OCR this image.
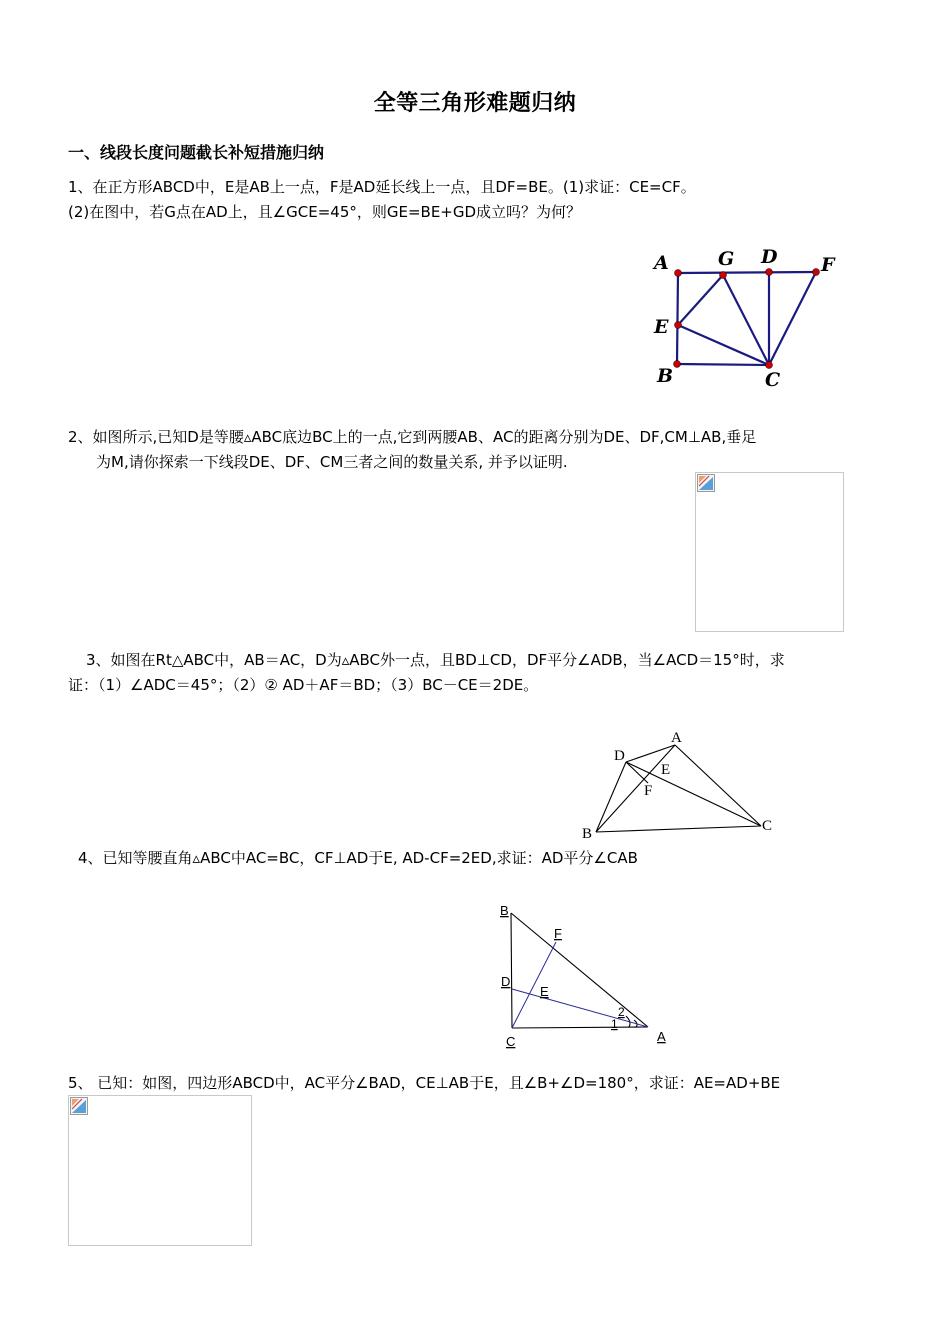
全等三角形难题归纳
一、线段长度问题截长补短措施归纳
1、在正方形ABCD中，E是AB上一点，F是AD延长线上一点，且DF=BE。(1)求证：CE=CF。
(2)在图中，若G点在AD上，且∠GCE=45°，则GE=BE+GD成立吗？为何？
A	G D F
E
B	C
2、如图所示,已知D是等腰▵ABC底边BC上的一点,它到两腰AB、AC的距离分别为DE、DF,CM⊥AB,垂足
为M,请你探索一下线段DE、DF、CM三者之间的数量关系, 并予以证明.
3、如图在Rt△ABC中，AB＝AC，D为▵ABC外一点，且BD⊥CD，DF平分∠ADB，当∠ACD＝15°时，求
证：（1）∠ADC＝45°；（2）② AD＋AF＝BD；（3）BC－CE＝2DE。
A
D
E
F
B	C
4、已知等腰直角▵ABC中AC=BC，CF⊥AD于E, AD-CF=2ED,求证：AD平分∠CAB
B
F
D
E
C	A
1
2
5、 已知：如图，四边形ABCD中，AC平分∠BAD，CE⊥AB于E，且∠B+∠D=180°，求证：AE=AD+BE
